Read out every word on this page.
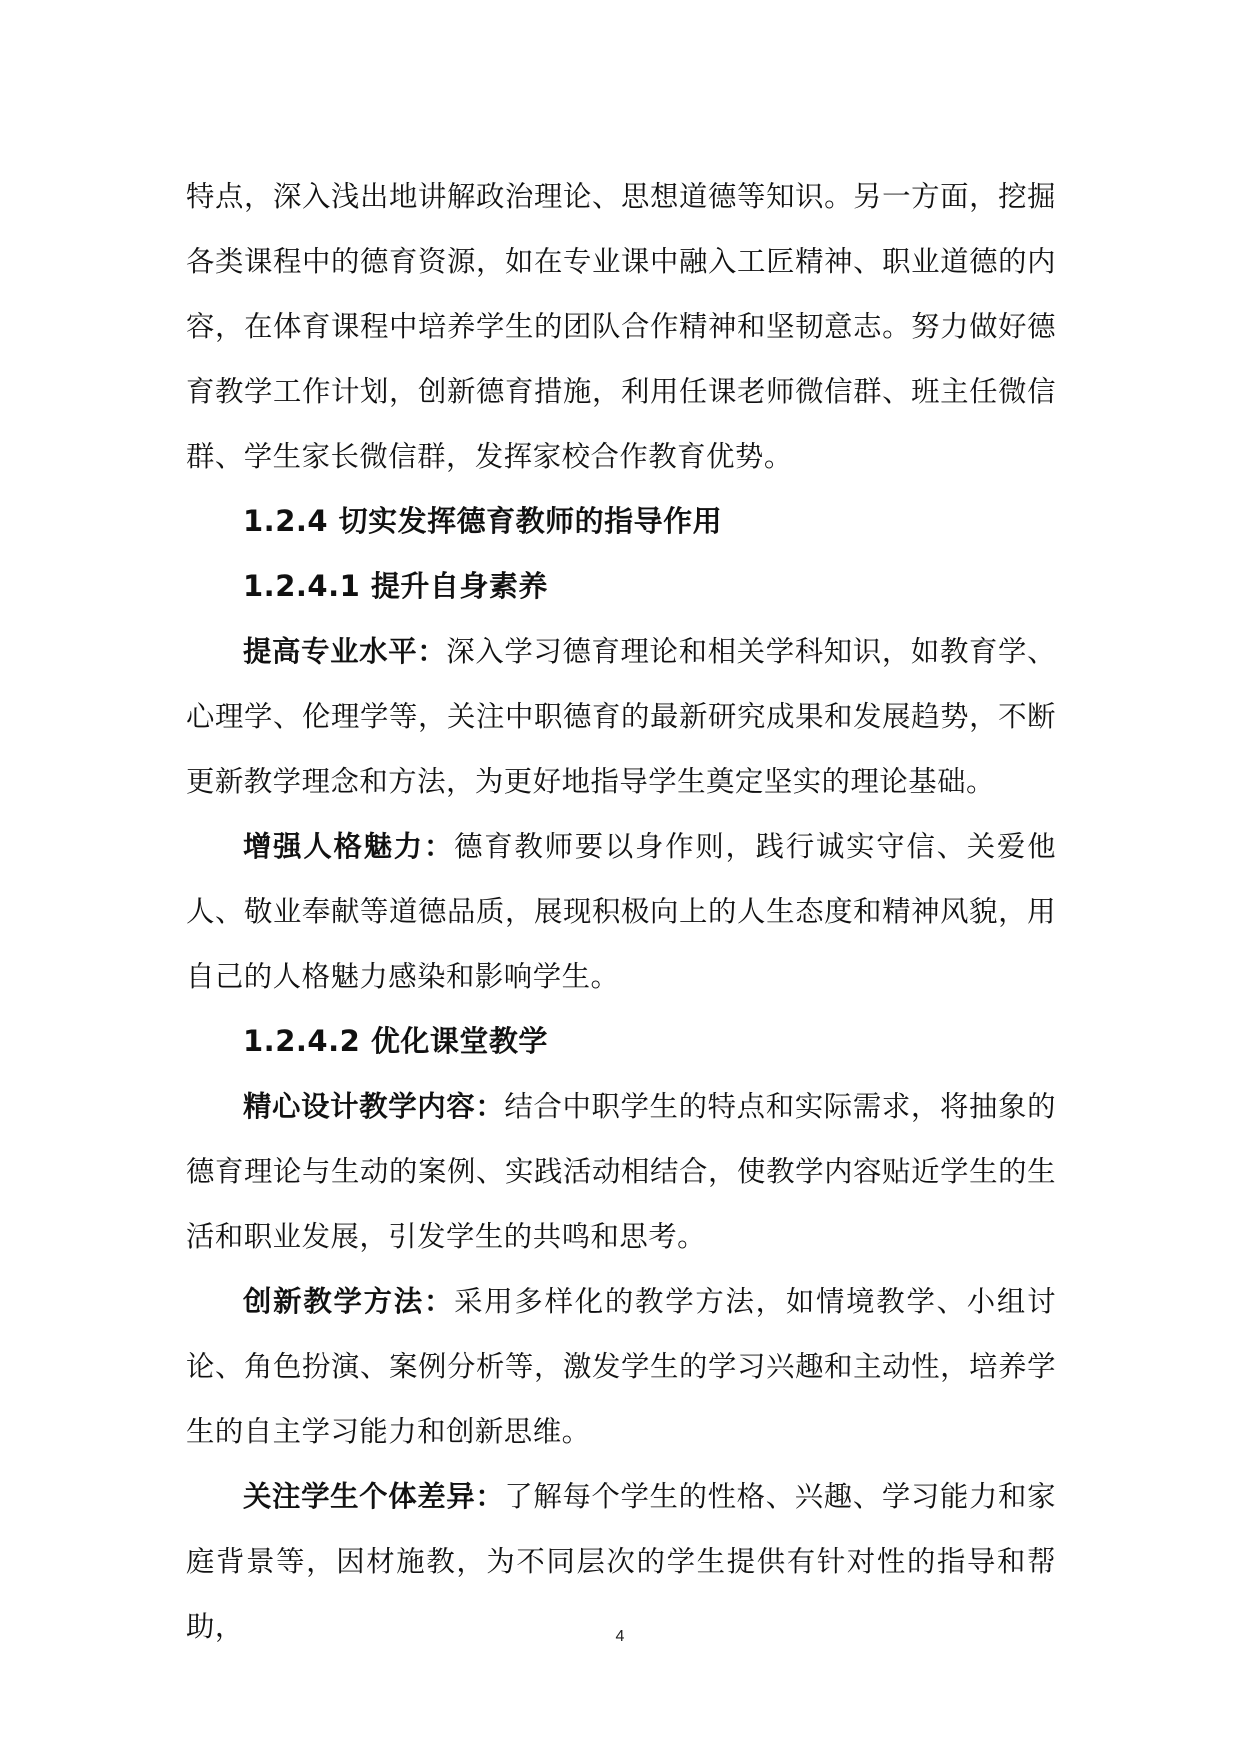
特点，深入浅出地讲解政治理论、思想道德等知识。另一方面，挖掘各类课程中的德育资源，如在专业课中融入工匠精神、职业道德的内容，在体育课程中培养学生的团队合作精神和坚韧意志。努力做好德育教学工作计划，创新德育措施，利用任课老师微信群、班主任微信群、学生家长微信群，发挥家校合作教育优势。

1.2.4 切实发挥德育教师的指导作用
1.2.4.1 提升自身素养

提高专业水平：深入学习德育理论和相关学科知识，如教育学、心理学、伦理学等，关注中职德育的最新研究成果和发展趋势，不断更新教学理念和方法，为更好地指导学生奠定坚实的理论基础。

增强人格魅力：德育教师要以身作则，践行诚实守信、关爱他人、敬业奉献等道德品质，展现积极向上的人生态度和精神风貌，用自己的人格魅力感染和影响学生。

1.2.4.2 优化课堂教学

精心设计教学内容：结合中职学生的特点和实际需求，将抽象的德育理论与生动的案例、实践活动相结合，使教学内容贴近学生的生活和职业发展，引发学生的共鸣和思考。

创新教学方法：采用多样化的教学方法，如情境教学、小组讨论、角色扮演、案例分析等，激发学生的学习兴趣和主动性，培养学生的自主学习能力和创新思维。

关注学生个体差异：了解每个学生的性格、兴趣、学习能力和家庭背景等，因材施教，为不同层次的学生提供有针对性的指导和帮助，	4
